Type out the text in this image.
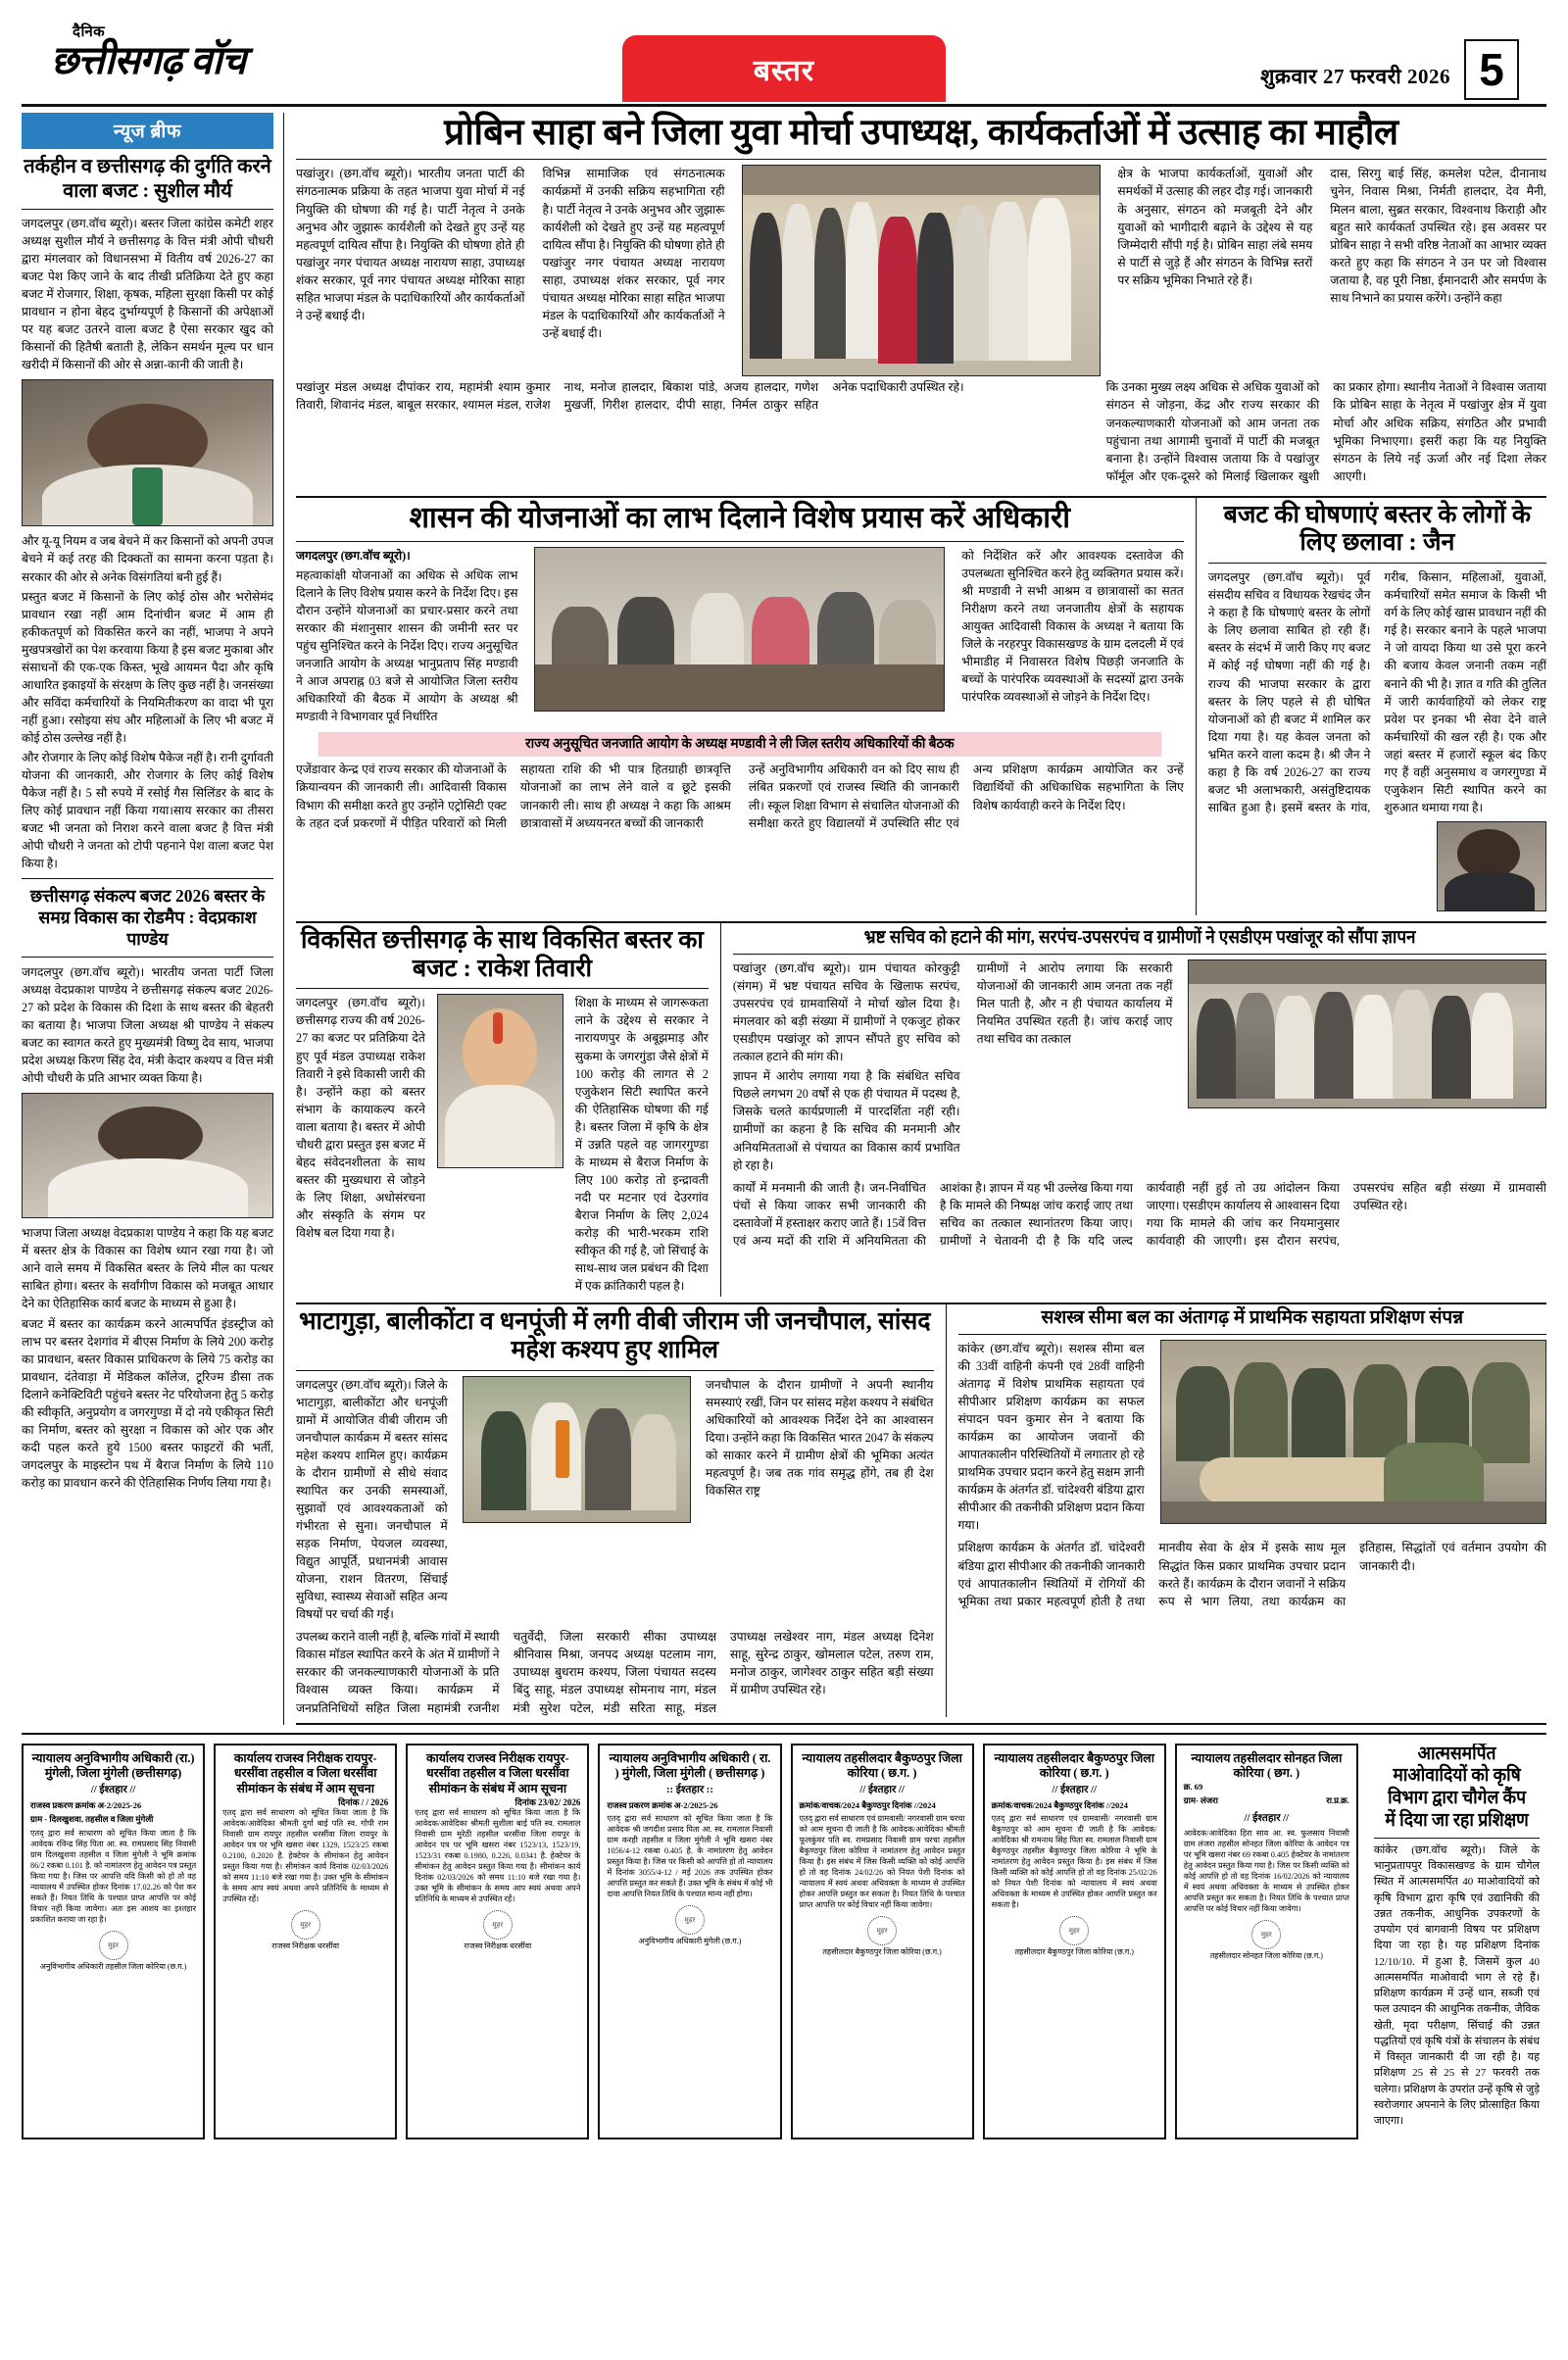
दैनिक
छत्तीसगढ़ वॉच	बस्तर	शुक्रवार 27 फरवरी 2026 5
न्यूज ब्रीफ
तर्कहीन व छत्तीसगढ़ की दुर्गति करने वाला बजट : सुशील मौर्य

जगदलपुर (छग.वॉच ब्यूरो)। बस्तर जिला कांग्रेस कमेटी शहर अध्यक्ष सुशील मौर्य ने छत्तीसगढ़ के वित्त मंत्री ओपी चौधरी द्वारा मंगलवार को विधानसभा में वितीय वर्ष 2026-27 का बजट पेश किए जाने के बाद तीखी प्रतिक्रिया देते हुए कहा बजट में रोजगार, शिक्षा, कृषक, महिला सुरक्षा किसी पर कोई प्रावधान न होना बेहद दुर्भाग्यपूर्ण है किसानों की अपेक्षाओं पर यह बजट उतरने वाला बजट है ऐसा सरकार खुद को किसानों की हितैषी बताती है, लेकिन समर्थन मूल्य पर धान खरीदी में किसानों की ओर से अन्ना-कानी की जाती है।

और यू-यू नियम व जब बेचने में कर किसानों को अपनी उपज बेचने में कई तरह की दिक्कतों का सामना करना पड़ता है। सरकार की ओर से अनेक विसंगतियां बनी हुई हैं।

प्रस्तुत बजट में किसानों के लिए कोई ठोस और भरोसेमंद प्रावधान रखा नहीं आम दिनांचीन बजट में आम ही हकीकतपूर्ण को विकसित करने का नहीं, भाजपा ने अपने मुखपत्रखोरों का पेश करवाया किया है इस बजट मुकाबा और संसाधनों की एक-एक किस्त, भूखे आयमन पैदा और कृषि आधारित इकाइयों के संरक्षण के लिए कुछ नहीं है। जनसंख्या और सविंदा कर्मचारियों के नियमितीकरण का वादा भी पूरा नहीं हुआ। रसोइया संघ और महिलाओं के लिए भी बजट में कोई ठोस उल्लेख नहीं है।

और रोजगार के लिए कोई विशेष पैकेज नहीं है। रानी दुर्गावती योजना की जानकारी, और रोजगार के लिए कोई विशेष पैकेज नहीं है। 5 सौ रुपये में रसोई गैस सिलिंडर के बाद के लिए कोई प्रावधान नहीं किया गया।साय सरकार का तीसरा बजट भी जनता को निराश करने वाला बजट है वित्त मंत्री ओपी चौधरी ने जनता को टोपी पहनाने पेश वाला बजट पेश किया है।

छत्तीसगढ़ संकल्प बजट 2026 बस्तर के समग्र विकास का रोडमैप : वेदप्रकाश पाण्डेय

जगदलपुर (छग.वॉच ब्यूरो)। भारतीय जनता पार्टी जिला अध्यक्ष वेदप्रकाश पाण्डेय ने छत्तीसगढ़ संकल्प बजट 2026-27 को प्रदेश के विकास की दिशा के साथ बस्तर की बेहतरी का बताया है। भाजपा जिला अध्यक्ष श्री पाण्डेय ने संकल्प बजट का स्वागत करते हुए मुख्यमंत्री विष्णु देव साय, भाजपा प्रदेश अध्यक्ष किरण सिंह देव, मंत्री केदार कश्यप व वित्त मंत्री ओपी चौधरी के प्रति आभार व्यक्त किया है।

भाजपा जिला अध्यक्ष वेदप्रकाश पाण्डेय ने कहा कि यह बजट में बस्तर क्षेत्र के विकास का विशेष ध्यान रखा गया है। जो आने वाले समय में विकसित बस्तर के लिये मील का पत्थर साबित होगा। बस्तर के सर्वांगीण विकास को मजबूत आधार देने का ऐतिहासिक कार्य बजट के माध्यम से हुआ है।

बजट में बस्तर का कार्यक्रम करने आत्मपर्पित इंडस्ट्रीज को लाभ पर बस्तर देशगांव में बीएस निर्माण के लिये 200 करोड़ का प्रावधान, बस्तर विकास प्राधिकरण के लिये 75 करोड़ का प्रावधान, दंतेवाड़ा में मेडिकल कॉलेज, टूरिज्म डीसा तक दिलाने कनेक्टिविटी पहुंचने बस्तर नेट परियोजना हेतु 5 करोड़ की स्वीकृति, अनुप्रयोग व जगरगुण्डा में दो नये एकीकृत सिटी का निर्माण, बस्तर को सुरक्षा न विकास को ओर एक और कदी पहल करते हुये 1500 बस्तर फाइटरों की भर्ती, जगदलपुर के माइस्टोन पथ में बैराज निर्माण के लिये 110 करोड़ का प्रावधान करने की ऐतिहासिक निर्णय लिया गया है।

प्रोबिन साहा बने जिला युवा मोर्चा उपाध्यक्ष, कार्यकर्ताओं में उत्साह का माहौल

पखांजुर। (छग.वॉच ब्यूरो)। भारतीय जनता पार्टी की संगठनात्मक प्रक्रिया के तहत भाजपा युवा मोर्चा में नई नियुक्ति की घोषणा की गई है। पार्टी नेतृत्व ने उनके अनुभव और जुझारू कार्यशैली को देखते हुए उन्हें यह महत्वपूर्ण दायित्व सौंपा है। नियुक्ति की घोषणा होते ही पखांजुर नगर पंचायत अध्यक्ष नारायण साहा, उपाध्यक्ष शंकर सरकार, पूर्व नगर पंचायत अध्यक्ष मोरिका साहा सहित भाजपा मंडल के पदाधिकारियों और कार्यकर्ताओं ने उन्हें बधाई दी।

विभिन्न सामाजिक एवं संगठनात्मक कार्यक्रमों में उनकी सक्रिय सहभागिता रही है। पार्टी नेतृत्व ने उनके अनुभव और जुझारू कार्यशैली को देखते हुए उन्हें यह महत्वपूर्ण दायित्व सौंपा है। नियुक्ति की घोषणा होते ही पखांजुर नगर पंचायत अध्यक्ष नारायण साहा, उपाध्यक्ष शंकर सरकार, पूर्व नगर पंचायत अध्यक्ष मोरिका साहा सहित भाजपा मंडल के पदाधिकारियों और कार्यकर्ताओं ने उन्हें बधाई दी।

क्षेत्र के भाजपा कार्यकर्ताओं, युवाओं और समर्थकों में उत्साह की लहर दौड़ गई। जानकारी के अनुसार, संगठन को मजबूती देने और युवाओं को भागीदारी बढ़ाने के उद्देश्य से यह जिम्मेदारी सौंपी गई है। प्रोबिन साहा लंबे समय से पार्टी से जुड़े हैं और संगठन के विभिन्न स्तरों पर सक्रिय भूमिका निभाते रहे हैं।

दास, सिरगु बाई सिंह, कमलेश पटेल, दीनानाथ चुनेन, निवास मिश्रा, निर्मती हालदार, देव मैनी, मिलन बाला, सुब्रत सरकार, विश्वनाथ किराड़ी और बहुत सारे कार्यकर्ता उपस्थित रहे। इस अवसर पर प्रोबिन साहा ने सभी वरिष्ठ नेताओं का आभार व्यक्त करते हुए कहा कि संगठन ने उन पर जो विश्वास जताया है, वह पूरी निष्ठा, ईमानदारी और समर्पण के साथ निभाने का प्रयास करेंगे। उन्होंने कहा

पखांजुर मंडल अध्यक्ष दीपांकर राय, महामंत्री श्याम कुमार तिवारी, शिवानंद मंडल, बाबूल सरकार, श्यामल मंडल, राजेश नाथ, मनोज हालदार, बिकाश पांडे, अजय हालदार, गणेश मुखर्जी, गिरीश हालदार, दीपी साहा, निर्मल ठाकुर सहित अनेक पदाधिकारी उपस्थित रहे।	कि उनका मुख्य लक्ष्य अधिक से अधिक युवाओं को संगठन से जोड़ना, केंद्र और राज्य सरकार की जनकल्याणकारी योजनाओं को आम जनता तक पहुंचाना तथा आगामी चुनावों में पार्टी की मजबूत बनाना है। उन्होंने विश्वास जताया कि वे पखांजुर फॉर्मूल और एक-दूसरे को मिलाई खिलाकर खुशी का प्रकार होगा। स्थानीय नेताओं ने विश्वास जताया कि प्रोबिन साहा के नेतृत्व में पखांजुर क्षेत्र में युवा मोर्चा और अधिक सक्रिय, संगठित और प्रभावी भूमिका निभाएगा। इसरीं कहा कि यह नियुक्ति संगठन के लिये नई ऊर्जा और नई दिशा लेकर आएगी।

शासन की योजनाओं का लाभ दिलाने विशेष प्रयास करें अधिकारी

जगदलपुर (छग.वॉच ब्यूरो)।

महत्वाकांक्षी योजनाओं का अधिक से अधिक लाभ दिलाने के लिए विशेष प्रयास करने के निर्देश दिए। इस दौरान उन्होंने योजनाओं का प्रचार-प्रसार करने तथा सरकार की मंशानुसार शासन की जमीनी स्तर पर पहुंच सुनिश्चित करने के निर्देश दिए। राज्य अनुसूचित जनजाति आयोग के अध्यक्ष भानुप्रताप सिंह मण्डावी ने आज अपराह्न 03 बजे से आयोजित जिला स्तरीय अधिकारियों की बैठक में आयोग के अध्यक्ष श्री मण्डावी ने विभागवार पूर्व निर्धारित

को निर्देशित करें और आवश्यक दस्तावेज की उपलब्धता सुनिश्चित करने हेतु व्यक्तिगत प्रयास करें। श्री मण्डावी ने सभी आश्रम व छात्रावासों का सतत निरीक्षण करने तथा जनजातीय क्षेत्रों के सहायक आयुक्त आदिवासी विकास के अध्यक्ष ने बताया कि जिले के नरहरपुर विकासखण्ड के ग्राम दलदली में एवं भीमाडीह में निवासरत विशेष पिछड़ी जनजाति के बच्चों के पारंपरिक व्यवस्थाओं के सदस्यों द्वारा उनके पारंपरिक व्यवस्थाओं से जोड़ने के निर्देश दिए।

राज्य अनुसूचित जनजाति आयोग के अध्यक्ष मण्डावी ने ली जिल स्तरीय अधिकारियों की बैठक

एजेंडावार केन्द्र एवं राज्य सरकार की योजनाओं के क्रियान्वयन की जानकारी ली। आदिवासी विकास विभाग की समीक्षा करते हुए उन्होंने एट्रोसिटी एक्ट के तहत दर्ज प्रकरणों में पीड़ित परिवारों को मिली सहायता राशि की भी पात्र हितग्राही छात्रवृत्ति योजनाओं का लाभ लेने वाले व छूटे इसकी जानकारी ली। साथ ही अध्यक्ष ने कहा कि आश्रम छात्रावासों में अध्ययनरत बच्चों की जानकारी

उन्हें अनुविभागीय अधिकारी वन को दिए साथ ही लंबित प्रकरणों एवं राजस्व स्थिति की जानकारी ली। स्कूल शिक्षा विभाग से संचालित योजनाओं की समीक्षा करते हुए विद्यालयों में उपस्थिति सीट एवं अन्य प्रशिक्षण कार्यक्रम आयोजित कर उन्हें विद्यार्थियों की अधिकाधिक सहभागिता के लिए विशेष कार्यवाही करने के निर्देश दिए।

बजट की घोषणाएं बस्तर के लोगों के लिए छलावा : जैन

जगदलपुर (छग.वॉच ब्यूरो)। पूर्व संसदीय सचिव व विधायक रेखचंद जैन ने कहा है कि घोषणाएं बस्तर के लोगों के लिए छलावा साबित हो रही हैं। बस्तर के संदर्भ में जारी किए गए बजट में कोई नई घोषणा नहीं की गई है। राज्य की भाजपा सरकार के द्वारा बस्तर के लिए पहले से ही घोषित योजनाओं को ही बजट में शामिल कर दिया गया है। यह केवल जनता को भ्रमित करने वाला कदम है। श्री जैन ने कहा है कि वर्ष 2026-27 का राज्य बजट भी अलाभकारी, असंतुष्टिदायक साबित हुआ है। इसमें बस्तर के गांव, गरीब, किसान, महिलाओं, युवाओं, कर्मचारियों समेत समाज के किसी भी वर्ग के लिए कोई खास प्रावधान नहीं की गई है। सरकार बनाने के पहले भाजपा ने जो वायदा किया था उसे पूरा करने की बजाय केवल जनानी तकम नहीं बनाने की भी है। ज्ञात व गति की तुलित में जारी कार्यवाहियों को लेकर राष्ट्र प्रवेश पर इनका भी सेवा देने वाले कर्मचारियों की खल रही है। एक और जहां बस्तर में हजारों स्कूल बंद किए गए हैं वहीं अनुसमाध व जगरगुण्डा में एजुकेशन सिटी स्थापित करने का शुरुआत थमाया गया है।

विकसित छत्तीसगढ़ के साथ विकसित बस्तर का बजट : राकेश तिवारी

जगदलपुर (छग.वॉच ब्यूरो)। छत्तीसगढ़ राज्य की वर्ष 2026-27 का बजट पर प्रतिक्रिया देते हुए पूर्व मंडल उपाध्यक्ष राकेश तिवारी ने इसे विकासी जारी की है। उन्होंने कहा को बस्तर संभाग के कायाकल्प करने वाला बताया है। बस्तर में ओपी चौधरी द्वारा प्रस्तुत इस बजट में बेहद संवेदनशीलता के साथ बस्तर की मुख्यधारा से जोड़ने के लिए शिक्षा, अधोसंरचना और संस्कृति के संगम पर विशेष बल दिया गया है।

शिक्षा के माध्यम से जागरूकता लाने के उद्देश्य से सरकार ने नारायणपुर के अबूझमाड़ और सुकमा के जगरगुंडा जैसे क्षेत्रों में 100 करोड़ की लागत से 2 एजुकेशन सिटी स्थापित करने की ऐतिहासिक घोषणा की गई है। बस्तर जिला में कृषि के क्षेत्र में उन्नति पहले वह जागरगुण्डा के माध्यम से बैराज निर्माण के लिए 100 करोड़ तो इन्द्रावती नदी पर मटनार एवं देउरगांव बैराज निर्माण के लिए 2,024 करोड़ की भारी-भरकम राशि स्वीकृत की गई है, जो सिंचाई के साथ-साथ जल प्रबंधन की दिशा में एक क्रांतिकारी पहल है।

भ्रष्ट सचिव को हटाने की मांग, सरपंच-उपसरपंच व ग्रामीणों ने एसडीएम पखांजूर को सौंपा ज्ञापन

पखांजुर (छग.वॉच ब्यूरो)। ग्राम पंचायत कोरकुट्टी (संगम) में भ्रष्ट पंचायत सचिव के खिलाफ सरपंच, उपसरपंच एवं ग्रामवासियों ने मोर्चा खोल दिया है। मंगलवार को बड़ी संख्या में ग्रामीणों ने एकजुट होकर एसडीएम पखांजूर को ज्ञापन सौंपते हुए सचिव को तत्काल हटाने की मांग की।

ज्ञापन में आरोप लगाया गया है कि संबंधित सचिव पिछले लगभग 20 वर्षों से एक ही पंचायत में पदस्थ है, जिसके चलते कार्यप्रणाली में पारदर्शिता नहीं रही। ग्रामीणों का कहना है कि सचिव की मनमानी और अनियमितताओं से पंचायत का विकास कार्य प्रभावित हो रहा है।

ग्रामीणों ने आरोप लगाया कि सरकारी योजनाओं की जानकारी आम जनता तक नहीं मिल पाती है, और न ही पंचायत कार्यालय में नियमित उपस्थित रहती है। जांच कराई जाए तथा सचिव का तत्काल

कार्यों में मनमानी की जाती है। जन-निर्वाचित पंचों से किया जाकर सभी जानकारी की दस्तावेजों में हस्ताक्षर कराए जाते हैं। 15वें वित्त एवं अन्य मदों की राशि में अनियमितता की आशंका है। ज्ञापन में यह भी उल्लेख किया गया है कि मामले की निष्पक्ष जांच कराई जाए तथा सचिव का तत्काल स्थानांतरण किया जाए। ग्रामीणों ने चेतावनी दी है कि यदि जल्द कार्यवाही नहीं हुई तो उग्र आंदोलन किया जाएगा। एसडीएम कार्यालय से आश्वासन दिया गया कि मामले की जांच कर नियमानुसार कार्यवाही की जाएगी। इस दौरान सरपंच, उपसरपंच सहित बड़ी संख्या में ग्रामवासी उपस्थित रहे।

भाटागुड़ा, बालीकोंटा व धनपूंजी में लगी वीबी जीराम जी जनचौपाल, सांसद महेश कश्यप हुए शामिल

जगदलपुर (छग.वॉच ब्यूरो)। जिले के भाटागुड़ा, बालीकोंटा और धनपूंजी ग्रामों में आयोजित वीबी जीराम जी जनचौपाल कार्यक्रम में बस्तर सांसद महेश कश्यप शामिल हुए। कार्यक्रम के दौरान ग्रामीणों से सीधे संवाद स्थापित कर उनकी समस्याओं, सुझावों एवं आवश्यकताओं को गंभीरता से सुना। जनचौपाल में सड़क निर्माण, पेयजल व्यवस्था, विद्युत आपूर्ति, प्रधानमंत्री आवास योजना, राशन वितरण, सिंचाई सुविधा, स्वास्थ्य सेवाओं सहित अन्य विषयों पर चर्चा की गई।

जनचौपाल के दौरान ग्रामीणों ने अपनी स्थानीय समस्याएं रखीं, जिन पर सांसद महेश कश्यप ने संबंधित अधिकारियों को आवश्यक निर्देश देने का आश्वासन दिया। उन्होंने कहा कि विकसित भारत 2047 के संकल्प को साकार करने में ग्रामीण क्षेत्रों की भूमिका अत्यंत महत्वपूर्ण है। जब तक गांव समृद्ध होंगे, तब ही देश विकसित राष्ट्र

उपलब्ध कराने वाली नहीं है, बल्कि गांवों में स्थायी विकास मॉडल स्थापित करने के अंत में ग्रामीणों ने सरकार की जनकल्याणकारी योजनाओं के प्रति विश्वास व्यक्त किया। कार्यक्रम में जनप्रतिनिधियों सहित जिला महामंत्री रजनीश चतुर्वेदी, जिला सरकारी सीका उपाध्यक्ष श्रीनिवास मिश्रा, जनपद अध्यक्ष पटलाम नाग, उपाध्यक्ष बुधराम कश्यप, जिला पंचायत सदस्य बिंदु साहू, मंडल उपाध्यक्ष सोमनाथ नाग, मंडल मंत्री सुरेश पटेल, मंडी सरिता साहू, मंडल उपाध्यक्ष लखेश्वर नाग, मंडल अध्यक्ष दिनेश साहू, सुरेन्द्र ठाकुर, खोमलाल पटेल, तरुण राम, मनोज ठाकुर, जागेश्वर ठाकुर सहित बड़ी संख्या में ग्रामीण उपस्थित रहे।

सशस्त्र सीमा बल का अंतागढ़ में प्राथमिक सहायता प्रशिक्षण संपन्न

कांकेर (छग.वॉच ब्यूरो)। सशस्त्र सीमा बल की 33वीं वाहिनी कंपनी एवं 28वीं वाहिनी अंतागढ़ में विशेष प्राथमिक सहायता एवं सीपीआर प्रशिक्षण कार्यक्रम का सफल संपादन पवन कुमार सेन ने बताया कि कार्यक्रम का आयोजन जवानों की आपातकालीन परिस्थितियों में लगातार हो रहे प्राथमिक उपचार प्रदान करने हेतु सक्षम ज्ञानी कार्यक्रम के अंतर्गत डॉ. चांदेश्वरी बंडिया द्वारा सीपीआर की तकनीकी प्रशिक्षण प्रदान किया गया।

प्रशिक्षण कार्यक्रम के अंतर्गत डॉ. चांदेश्वरी बंडिया द्वारा सीपीआर की तकनीकी जानकारी एवं आपातकालीन स्थितियों में रोगियों की भूमिका तथा प्रकार महत्वपूर्ण होती है तथा मानवीय सेवा के क्षेत्र में इसके साथ मूल सिद्धांत किस प्रकार प्राथमिक उपचार प्रदान करते हैं। कार्यक्रम के दौरान जवानों ने सक्रिय रूप से भाग लिया, तथा कार्यक्रम का इतिहास, सिद्धांतों एवं वर्तमान उपयोग की जानकारी दी।

न्यायालय अनुविभागीय अधिकारी (रा.) मुंगेली, जिला मुंगेली (छत्तीसगढ़)
// ईश्तहार //
राजस्व प्रकरण क्रमांक अ-2/2025-26
ग्राम - दिलखुशवा, तहसील व जिला मुंगेली
एतद् द्वारा सर्व साधारण को सूचित किया जाता है कि आवेदक रविन्द्र सिंह पिता आ. स्व. रामप्रसाद सिंह निवासी ग्राम दिलखुशवा तहसील व जिला मुंगेली ने भूमि क्रमांक 86/2 रकबा 0.101 है. को नामांतरण हेतु आवेदन पत्र प्रस्तुत किया गया है। जिस पर आपत्ति यदि किसी को हो तो वह न्यायालय में उपस्थित होकर दिनांक 17.02.26 को पेश कर सकते हैं। नियत तिथि के पश्चात प्राप्त आपत्ति पर कोई विचार नहीं किया जावेगा। अतः इस आशय का इश्तहार प्रकाशित कराया जा रहा है।
मुहर
अनुविभागीय अधिकारी तहसील जिला कोरिया (छ.ग.)
कार्यालय राजस्व निरीक्षक रायपुर-धरसींवा तहसील व जिला धरसींवा सीमांकन के संबंध में आम सूचना
दिनांक / / 2026
एतद् द्वारा सर्व साधारण को सूचित किया जाता है कि आवेदक/आवेदिका श्रीमती दुर्गा बाई पति स्व. गोपी राम निवासी ग्राम रायपुर तहसील धरसींवा जिला रायपुर के आवेदन पत्र पर भूमि खसरा नंबर 1329, 1523/25 रकबा 0.2100, 0.2020 है. हेक्टेयर के सीमांकन हेतु आवेदन प्रस्तुत किया गया है। सीमांकन कार्य दिनांक 02/03/2026 को समय 11:10 बजे रखा गया है। उक्त भूमि के सीमांकन के समय आप स्वयं अथवा अपने प्रतिनिधि के माध्यम से उपस्थित रहें।
मुहर
राजस्व निरीक्षक धरसींवा
कार्यालय राजस्व निरीक्षक रायपुर-धरसींवा तहसील व जिला धरसींवा सीमांकन के संबंध में आम सूचना
दिनांक 23/02/ 2026
एतद् द्वारा सर्व साधारण को सूचित किया जाता है कि आवेदक/आवेदिका श्रीमती सुशीला बाई पति स्व. रामलाल निवासी ग्राम मुरेठी तहसील धरसींवा जिला रायपुर के आवेदन पत्र पर भूमि खसरा नंबर 1523/13, 1523/19, 1523/31 रकबा 0.1980, 0.226, 0.0341 है. हेक्टेयर के सीमांकन हेतु आवेदन प्रस्तुत किया गया है। सीमांकन कार्य दिनांक 02/03/2026 को समय 11:10 बजे रखा गया है। उक्त भूमि के सीमांकन के समय आप स्वयं अथवा अपने प्रतिनिधि के माध्यम से उपस्थित रहें।
मुहर
राजस्व निरीक्षक धरसींवा
न्यायालय अनुविभागीय अधिकारी ( रा. ) मुंगेली, जिला मुंगेली ( छत्तीसगढ़ )
:: ईश्तहार ::
राजस्व प्रकरण क्रमांक अ-2/2025-26
एतद् द्वारा सर्व साधारण को सूचित किया जाता है कि आवेदक श्री जगदीश प्रसाद पिता आ. स्व. रामलाल निवासी ग्राम करही तहसील व जिला मुंगेली ने भूमि खसरा नंबर 1056/4-12 रकबा 0.405 है. के नामांतरण हेतु आवेदन प्रस्तुत किया है। जिस पर किसी को आपत्ति हो तो न्यायालय में दिनांक 3055/4-12 / मई 2026 तक उपस्थित होकर आपत्ति प्रस्तुत कर सकते हैं। उक्त भूमि के संबंध में कोई भी दावा आपत्ति नियत तिथि के पश्चात मान्य नहीं होगा।
मुहर
अनुविभागीय अधिकारी मुंगेली (छ.ग.)
न्यायालय तहसीलदार बैकुण्ठपुर जिला कोरिया ( छ.ग. )
// ईश्तहार //
क्रमांक/वाचक/2024 बैकुण्ठपुर दिनांक //2024
एतद् द्वारा सर्व साधारण एवं ग्रामवासी/ नगरवासी ग्राम चरचा को आम सूचना दी जाती है कि आवेदक/आवेदिका श्रीमती फूलकुंवर पति स्व. रामप्रसाद निवासी ग्राम चरचा तहसील बैकुण्ठपुर जिला कोरिया ने नामांतरण हेतु आवेदन प्रस्तुत किया है। इस संबंध में जिस किसी व्यक्ति को कोई आपत्ति हो तो वह दिनांक 24/02/26 को नियत पेशी दिनांक को न्यायालय में स्वयं अथवा अधिवक्ता के माध्यम से उपस्थित होकर आपत्ति प्रस्तुत कर सकता है। नियत तिथि के पश्चात प्राप्त आपत्ति पर कोई विचार नहीं किया जावेगा।
मुहर
तहसीलदार बैकुण्ठपुर जिला कोरिया (छ.ग.)
न्यायालय तहसीलदार बैकुण्ठपुर जिला कोरिया ( छ.ग. )
// ईश्तहार //
क्रमांक/वाचक/2024 बैकुण्ठपुर दिनांक //2024
एतद् द्वारा सर्व साधारण एवं ग्रामवासी/ नगरवासी ग्राम बैकुण्ठपुर को आम सूचना दी जाती है कि आवेदक/आवेदिका श्री रामनाथ सिंह पिता स्व. रामलाल निवासी ग्राम बैकुण्ठपुर तहसील बैकुण्ठपुर जिला कोरिया ने भूमि के नामांतरण हेतु आवेदन प्रस्तुत किया है। इस संबंध में जिस किसी व्यक्ति को कोई आपत्ति हो तो वह दिनांक 25/02/26 को नियत पेशी दिनांक को न्यायालय में स्वयं अथवा अधिवक्ता के माध्यम से उपस्थित होकर आपत्ति प्रस्तुत कर सकता है।
मुहर
तहसीलदार बैकुण्ठपुर जिला कोरिया (छ.ग.)
न्यायालय तहसीलदार सोनहत जिला कोरिया ( छग. )
क्र. 69
ग्राम- लंजरा	रा.प्र.क्र.
// ईश्तहार //
आवेदक/आवेदिका हिरा साय आ. स्व. फुलसाय निवासी ग्राम लंजरा तहसील सोनहत जिला कोरिया के आवेदन पत्र पर भूमि खसरा नंबर 69 रकबा 0.405 हेक्टेयर के नामांतरण हेतु आवेदन प्रस्तुत किया गया है। जिस पर किसी व्यक्ति को कोई आपत्ति हो तो वह दिनांक 16/02/2026 को न्यायालय में स्वयं अथवा अधिवक्ता के माध्यम से उपस्थित होकर आपत्ति प्रस्तुत कर सकता है। नियत तिथि के पश्चात प्राप्त आपत्ति पर कोई विचार नहीं किया जावेगा।
मुहर
तहसीलदार सोनहत जिला कोरिया (छ.ग.)
आत्मसमर्पित माओवादियों को कृषि विभाग द्वारा चौगेल कैंप में दिया जा रहा प्रशिक्षण

कांकेर (छग.वॉच ब्यूरो)। जिले के भानुप्रतापपुर विकासखण्ड के ग्राम चौगेल स्थित में आत्मसमर्पित 40 माओवादियों को कृषि विभाग द्वारा कृषि एवं उद्यानिकी की उन्नत तकनीक, आधुनिक उपकरणों के उपयोग एवं बागवानी विषय पर प्रशिक्षण दिया जा रहा है। यह प्रशिक्षण दिनांक 12/10/10. में हुआ है, जिसमें कुल 40 आत्मसमर्पित माओवादी भाग ले रहे हैं। प्रशिक्षण कार्यक्रम में उन्हें धान, सब्जी एवं फल उत्पादन की आधुनिक तकनीक, जैविक खेती, मृदा परीक्षण, सिंचाई की उन्नत पद्धतियों एवं कृषि यंत्रों के संचालन के संबंध में विस्तृत जानकारी दी जा रही है। यह प्रशिक्षण 25 से 25 से 27 फरवरी तक चलेगा। प्रशिक्षण के उपरांत उन्हें कृषि से जुड़े स्वरोजगार अपनाने के लिए प्रोत्साहित किया जाएगा।
